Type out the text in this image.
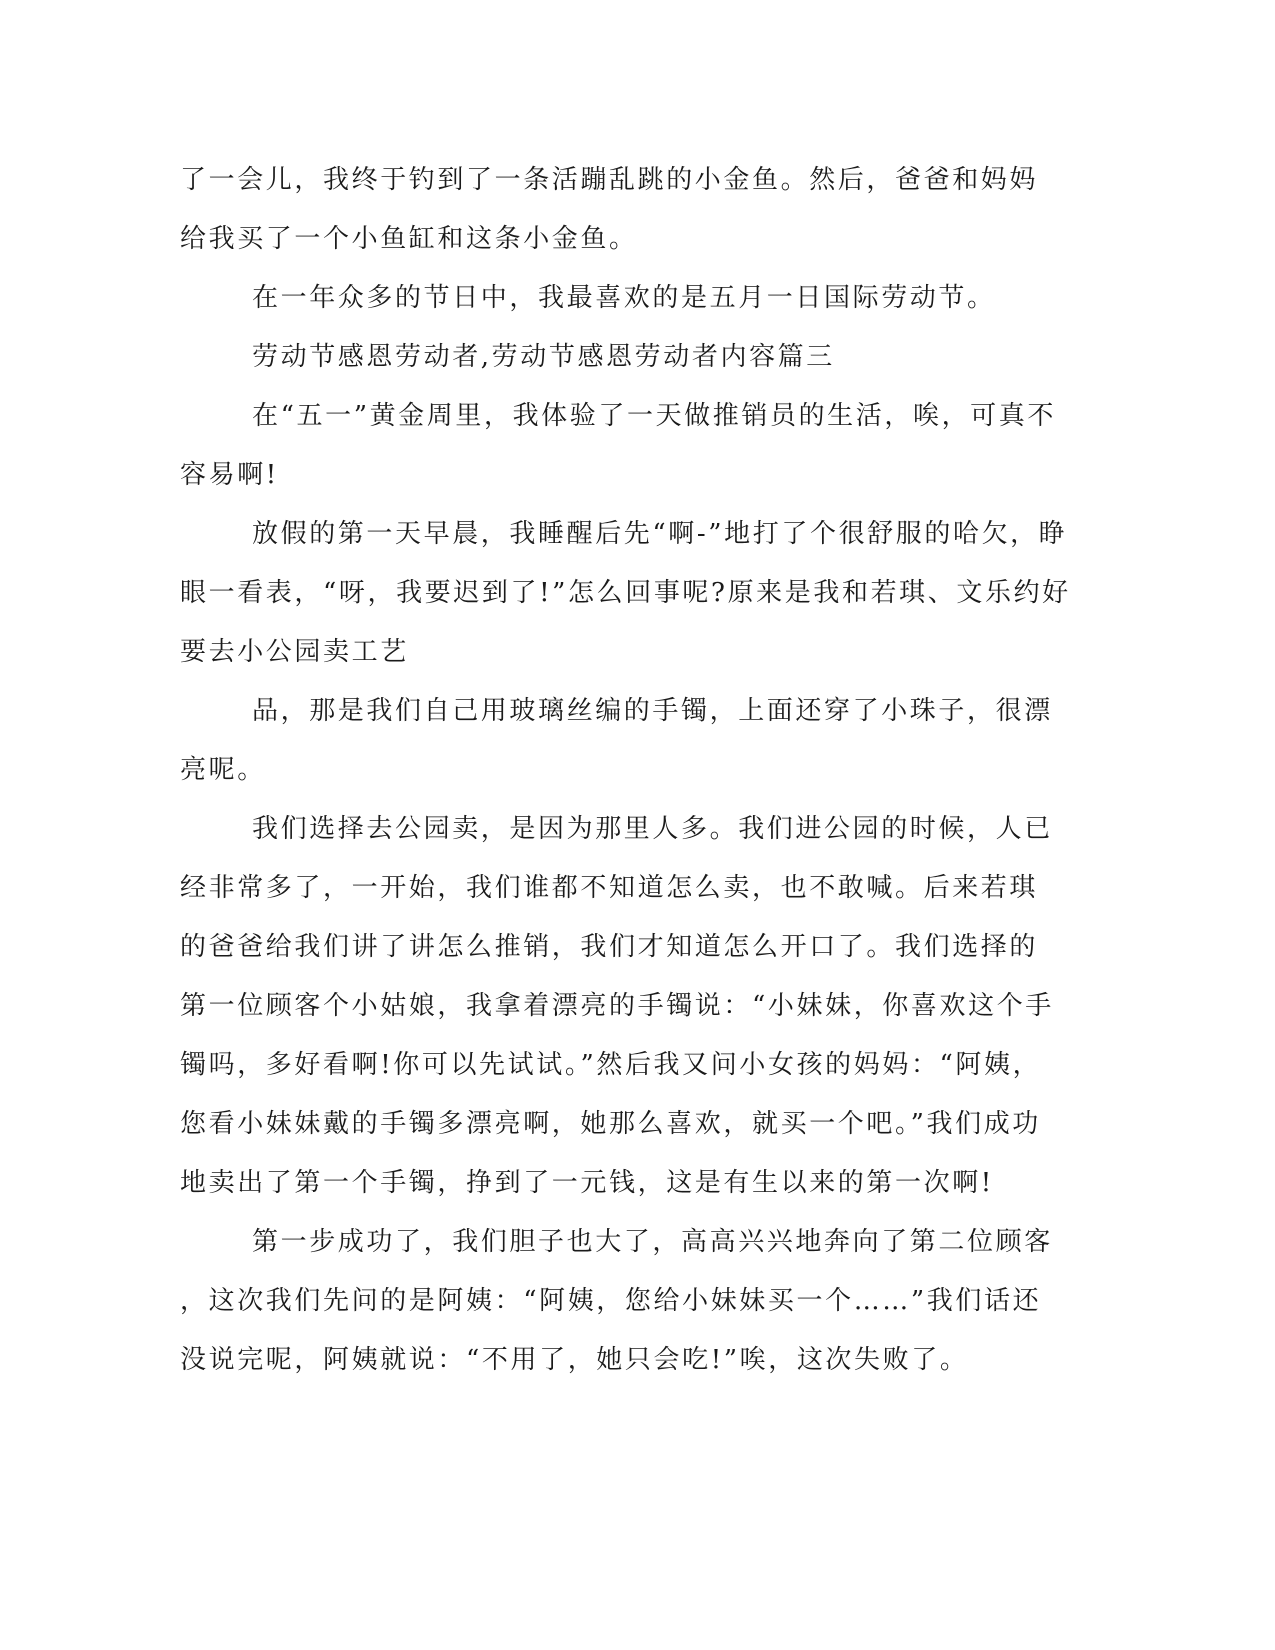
了一会儿，我终于钓到了一条活蹦乱跳的小金鱼。然后，爸爸和妈妈
给我买了一个小鱼缸和这条小金鱼。
在一年众多的节日中，我最喜欢的是五月一日国际劳动节。
劳动节感恩劳动者,劳动节感恩劳动者内容篇三
在“五一”黄金周里，我体验了一天做推销员的生活，唉，可真不
容易啊!
放假的第一天早晨，我睡醒后先“啊-”地打了个很舒服的哈欠，睁
眼一看表，“呀，我要迟到了!”怎么回事呢?原来是我和若琪、文乐约好
要去小公园卖工艺
品，那是我们自己用玻璃丝编的手镯，上面还穿了小珠子，很漂
亮呢。
我们选择去公园卖，是因为那里人多。我们进公园的时候，人已
经非常多了，一开始，我们谁都不知道怎么卖，也不敢喊。后来若琪
的爸爸给我们讲了讲怎么推销，我们才知道怎么开口了。我们选择的
第一位顾客个小姑娘，我拿着漂亮的手镯说：“小妹妹，你喜欢这个手
镯吗，多好看啊!你可以先试试。”然后我又问小女孩的妈妈：“阿姨，
您看小妹妹戴的手镯多漂亮啊，她那么喜欢，就买一个吧。”我们成功
地卖出了第一个手镯，挣到了一元钱，这是有生以来的第一次啊!
第一步成功了，我们胆子也大了，高高兴兴地奔向了第二位顾客
，这次我们先问的是阿姨：“阿姨，您给小妹妹买一个……”我们话还
没说完呢，阿姨就说：“不用了，她只会吃!”唉，这次失败了。
